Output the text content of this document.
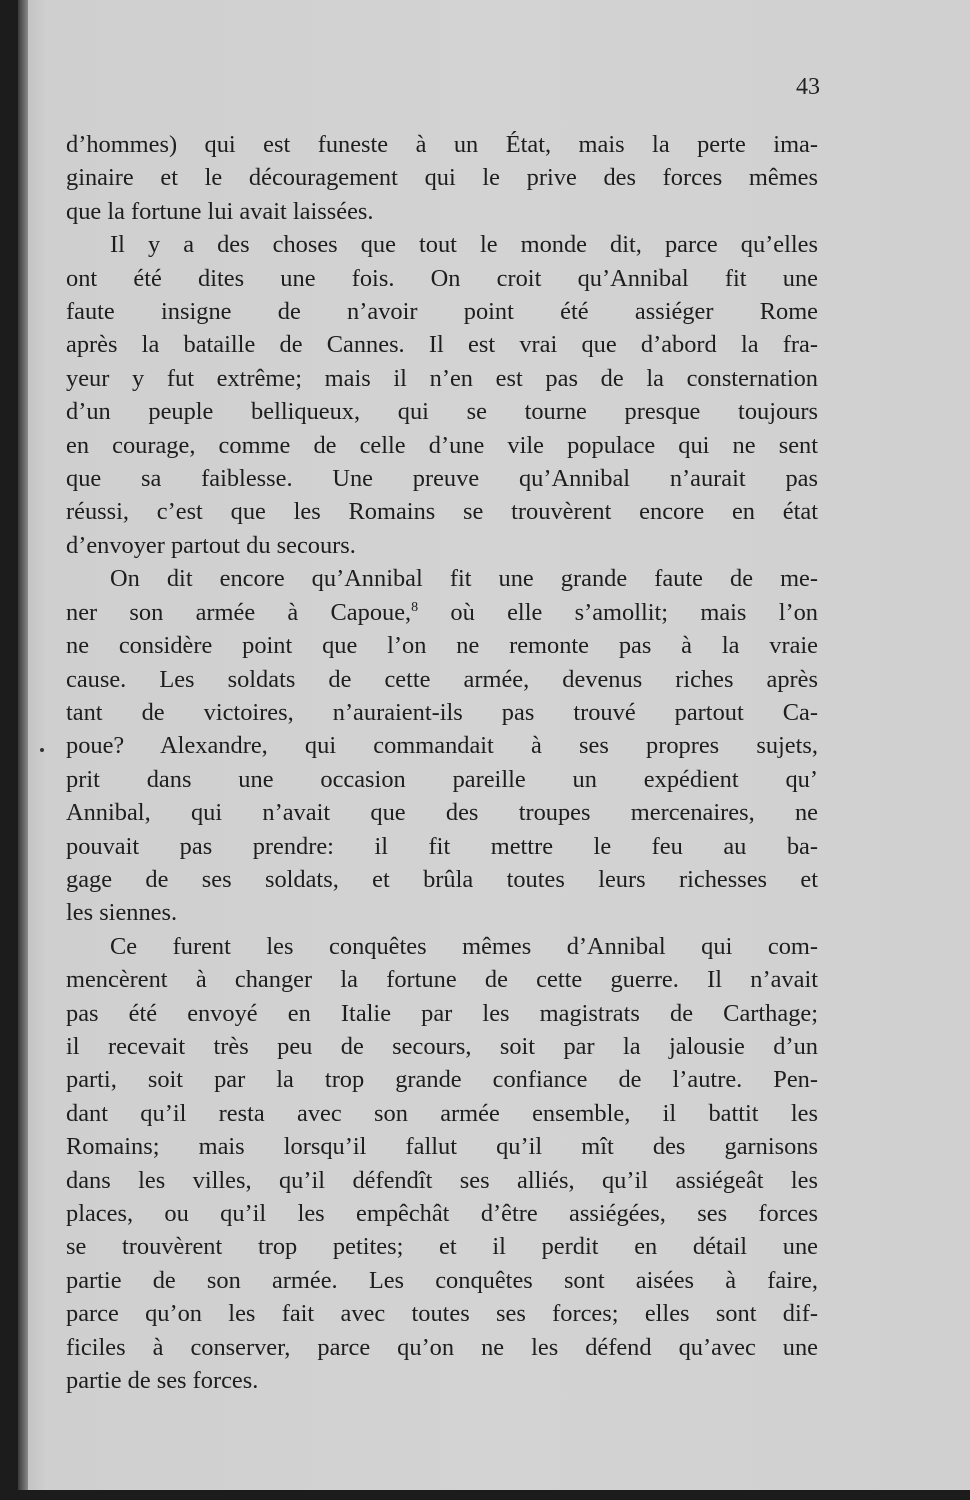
43

d’hommes) qui est funeste à un État, mais la perte ima-
ginaire et le découragement qui le prive des forces mêmes
que la fortune lui avait laissées.

Il y a des choses que tout le monde dit, parce qu’elles
ont été dites une fois. On croit qu’Annibal fit une
faute insigne de n’avoir point été assiéger Rome
après la bataille de Cannes. Il est vrai que d’abord la fra-
yeur y fut extrême; mais il n’en est pas de la consternation
d’un peuple belliqueux, qui se tourne presque toujours
en courage, comme de celle d’une vile populace qui ne sent
que sa faiblesse. Une preuve qu’Annibal n’aurait pas
réussi, c’est que les Romains se trouvèrent encore en état
d’envoyer partout du secours.

On dit encore qu’Annibal fit une grande faute de me-
ner son armée à Capoue,$^8$ où elle s’amollit; mais l’on
ne considère point que l’on ne remonte pas à la vraie
cause. Les soldats de cette armée, devenus riches après
tant de victoires, n’auraient-ils pas trouvé partout Ca-
poue? Alexandre, qui commandait à ses propres sujets,
prit dans une occasion pareille un expédient qu’
Annibal, qui n’avait que des troupes mercenaires, ne
pouvait pas prendre: il fit mettre le feu au ba-
gage de ses soldats, et brûla toutes leurs richesses et
les siennes.

Ce furent les conquêtes mêmes d’Annibal qui com-
mencèrent à changer la fortune de cette guerre. Il n’avait
pas été envoyé en Italie par les magistrats de Carthage;
il recevait très peu de secours, soit par la jalousie d’un
parti, soit par la trop grande confiance de l’autre. Pen-
dant qu’il resta avec son armée ensemble, il battit les
Romains; mais lorsqu’il fallut qu’il mît des garnisons
dans les villes, qu’il défendît ses alliés, qu’il assiégeât les
places, ou qu’il les empêchât d’être assiégées, ses forces
se trouvèrent trop petites; et il perdit en détail une
partie de son armée. Les conquêtes sont aisées à faire,
parce qu’on les fait avec toutes ses forces; elles sont dif-
ficiles à conserver, parce qu’on ne les défend qu’avec une
partie de ses forces.
